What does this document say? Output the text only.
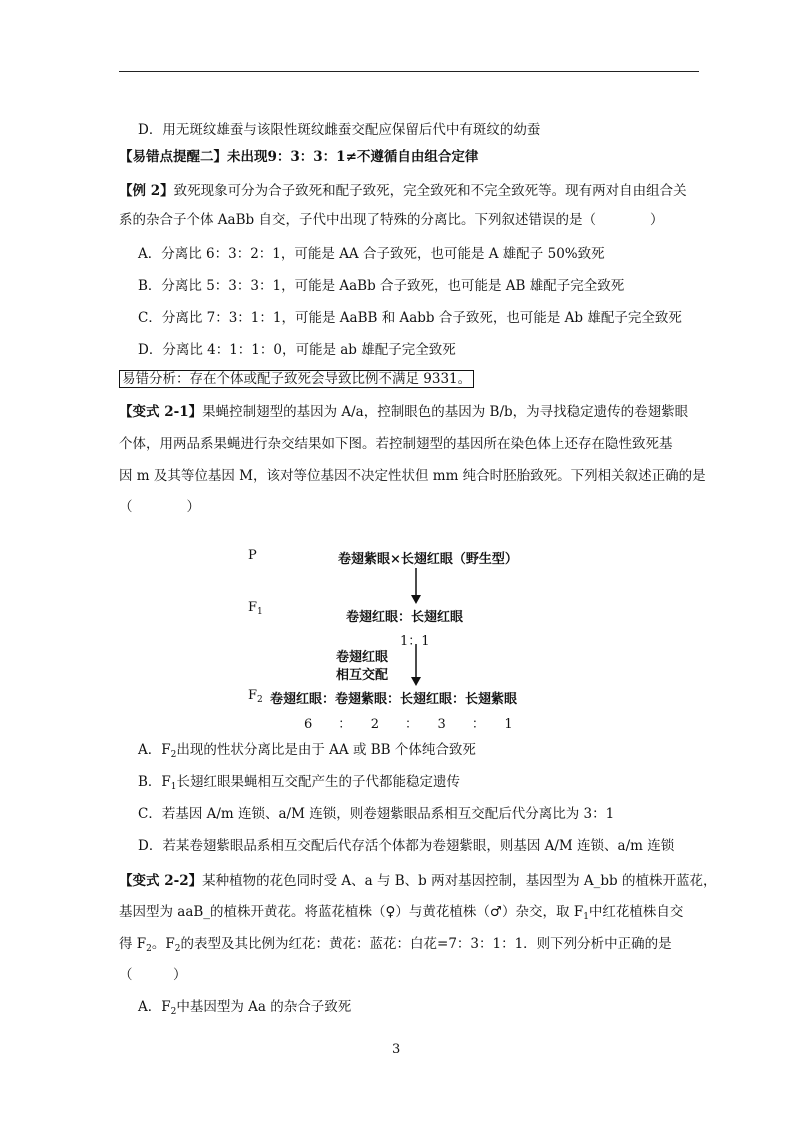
D．用无斑纹雄蚕与该限性斑纹雌蚕交配应保留后代中有斑纹的幼蚕
【易错点提醒二】未出现9：3：3：1≠不遵循自由组合定律
【例 2】致死现象可分为合子致死和配子致死，完全致死和不完全致死等。现有两对自由组合关
系的杂合子个体 AaBb 自交，子代中出现了特殊的分离比。下列叙述错误的是（　　　　）
A．分离比 6：3：2：1，可能是 AA 合子致死，也可能是 A 雄配子 50%致死
B．分离比 5：3：3：1，可能是 AaBb 合子致死，也可能是 AB 雄配子完全致死
C．分离比 7：3：1：1，可能是 AaBB 和 Aabb 合子致死，也可能是 Ab 雄配子完全致死
D．分离比 4：1：1：0，可能是 ab 雄配子完全致死
易错分析：存在个体或配子致死会导致比例不满足 9331。
【变式 2-1】果蝇控制翅型的基因为 A/a，控制眼色的基因为 B/b，为寻找稳定遗传的卷翅紫眼
个体，用两品系果蝇进行杂交结果如下图。若控制翅型的基因所在染色体上还存在隐性致死基
因 m 及其等位基因 M，该对等位基因不决定性状但 mm 纯合时胚胎致死。下列相关叙述正确的是
（　　　　）
P	卷翅紫眼×长翅红眼（野生型）
$F_1$	卷翅红眼：长翅红眼
1：1
卷翅红眼
相互交配
$F_2$ 卷翅红眼：卷翅紫眼：长翅红眼：长翅紫眼
6　　：　　2　　：　　3　　：　　1
A．$F_2$出现的性状分离比是由于 AA 或 BB 个体纯合致死
B．$F_1$长翅红眼果蝇相互交配产生的子代都能稳定遗传
C．若基因 A/m 连锁、a/M 连锁，则卷翅紫眼品系相互交配后代分离比为 3：1
D．若某卷翅紫眼品系相互交配后代存活个体都为卷翅紫眼，则基因 A/M 连锁、a/m 连锁
【变式 2-2】某种植物的花色同时受 A、a 与 B、b 两对基因控制，基因型为 A_bb 的植株开蓝花，
基因型为 aaB_的植株开黄花。将蓝花植株（♀）与黄花植株（♂）杂交，取 $F_1$中红花植株自交
得 $F_2$。$F_2$的表型及其比例为红花：黄花：蓝花：白花=7：3：1：1．则下列分析中正确的是
（　　　）
A．$F_2$中基因型为 Aa 的杂合子致死
3
